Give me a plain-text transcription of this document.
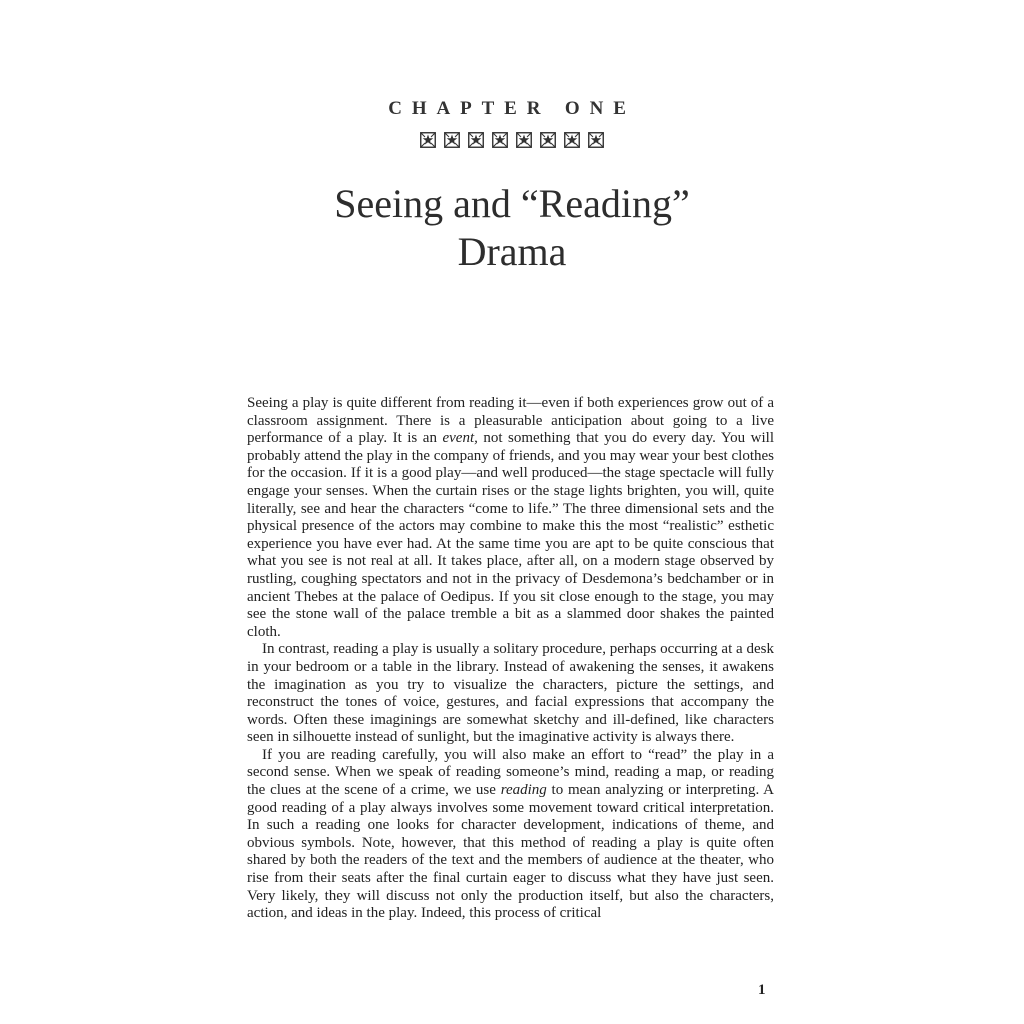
CHAPTER ONE
Seeing and “Reading”
Drama

Seeing a play is quite different from reading it—even if both experiences grow out of a classroom assignment. There is a pleasurable anticipation about going to a live performance of a play. It is an event, not something that you do every day. You will probably attend the play in the company of friends, and you may wear your best clothes for the occasion. If it is a good play—and well produced—the stage spectacle will fully engage your senses. When the curtain rises or the stage lights brighten, you will, quite literally, see and hear the characters “come to life.” The three dimensional sets and the physical presence of the actors may combine to make this the most “realistic” esthetic experience you have ever had. At the same time you are apt to be quite conscious that what you see is not real at all. It takes place, after all, on a modern stage observed by rustling, coughing spectators and not in the privacy of Desdemona’s bedchamber or in ancient Thebes at the palace of Oedipus. If you sit close enough to the stage, you may see the stone wall of the palace tremble a bit as a slammed door shakes the painted cloth.

In contrast, reading a play is usually a solitary procedure, perhaps occurring at a desk in your bedroom or a table in the library. Instead of awakening the senses, it awakens the imagination as you try to visualize the characters, picture the settings, and reconstruct the tones of voice, gestures, and facial expressions that accompany the words. Often these imaginings are somewhat sketchy and ill-defined, like characters seen in silhouette instead of sunlight, but the imaginative activity is always there.

If you are reading carefully, you will also make an effort to “read” the play in a second sense. When we speak of reading someone’s mind, reading a map, or reading the clues at the scene of a crime, we use reading to mean analyzing or interpreting. A good reading of a play always involves some movement toward critical interpretation. In such a reading one looks for character development, indications of theme, and obvious symbols. Note, however, that this method of reading a play is quite often shared by both the readers of the text and the members of audience at the theater, who rise from their seats after the final curtain eager to discuss what they have just seen. Very likely, they will discuss not only the production itself, but also the characters, action, and ideas in the play. Indeed, this process of critical

1
